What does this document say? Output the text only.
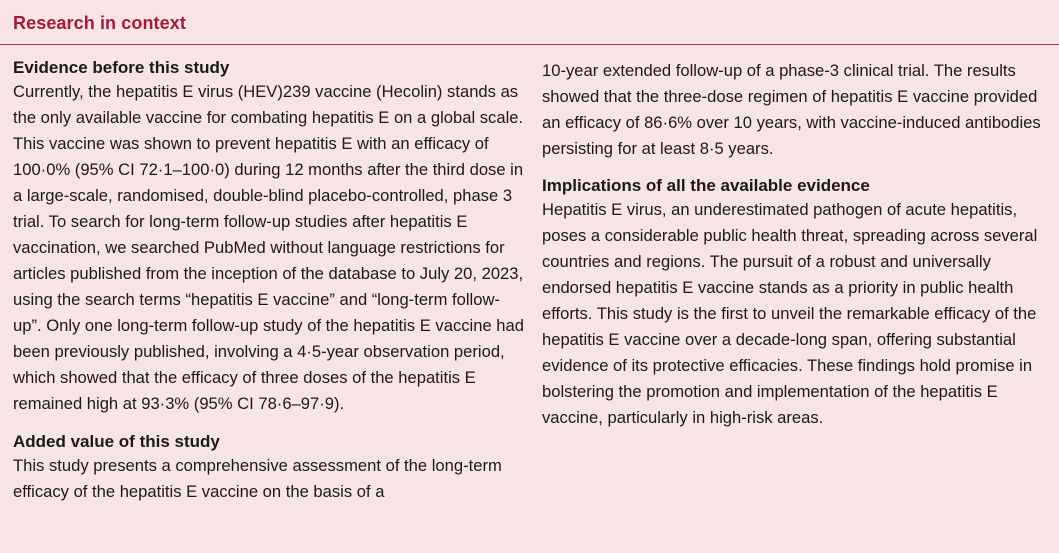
Research in context
Evidence before this study

Currently, the hepatitis E virus (HEV)239 vaccine (Hecolin) stands as the only available vaccine for combating hepatitis E on a global scale. This vaccine was shown to prevent hepatitis E with an efficacy of 100·0% (95% CI 72·1–100·0) during 12 months after the third dose in a large-scale, randomised, double-blind placebo-controlled, phase 3 trial. To search for long-term follow-up studies after hepatitis E vaccination, we searched PubMed without language restrictions for articles published from the inception of the database to July 20, 2023, using the search terms “hepatitis E vaccine” and “long-term follow-up”. Only one long-term follow-up study of the hepatitis E vaccine had been previously published, involving a 4·5-year observation period, which showed that the efficacy of three doses of the hepatitis E remained high at 93·3% (95% CI 78·6–97·9).

Added value of this study

This study presents a comprehensive assessment of the long-term efficacy of the hepatitis E vaccine on the basis of a

10-year extended follow-up of a phase-3 clinical trial. The results showed that the three-dose regimen of hepatitis E vaccine provided an efficacy of 86·6% over 10 years, with vaccine-induced antibodies persisting for at least 8·5 years.

Implications of all the available evidence

Hepatitis E virus, an underestimated pathogen of acute hepatitis, poses a considerable public health threat, spreading across several countries and regions. The pursuit of a robust and universally endorsed hepatitis E vaccine stands as a priority in public health efforts. This study is the first to unveil the remarkable efficacy of the hepatitis E vaccine over a decade-long span, offering substantial evidence of its protective efficacies. These findings hold promise in bolstering the promotion and implementation of the hepatitis E vaccine, particularly in high-risk areas.
